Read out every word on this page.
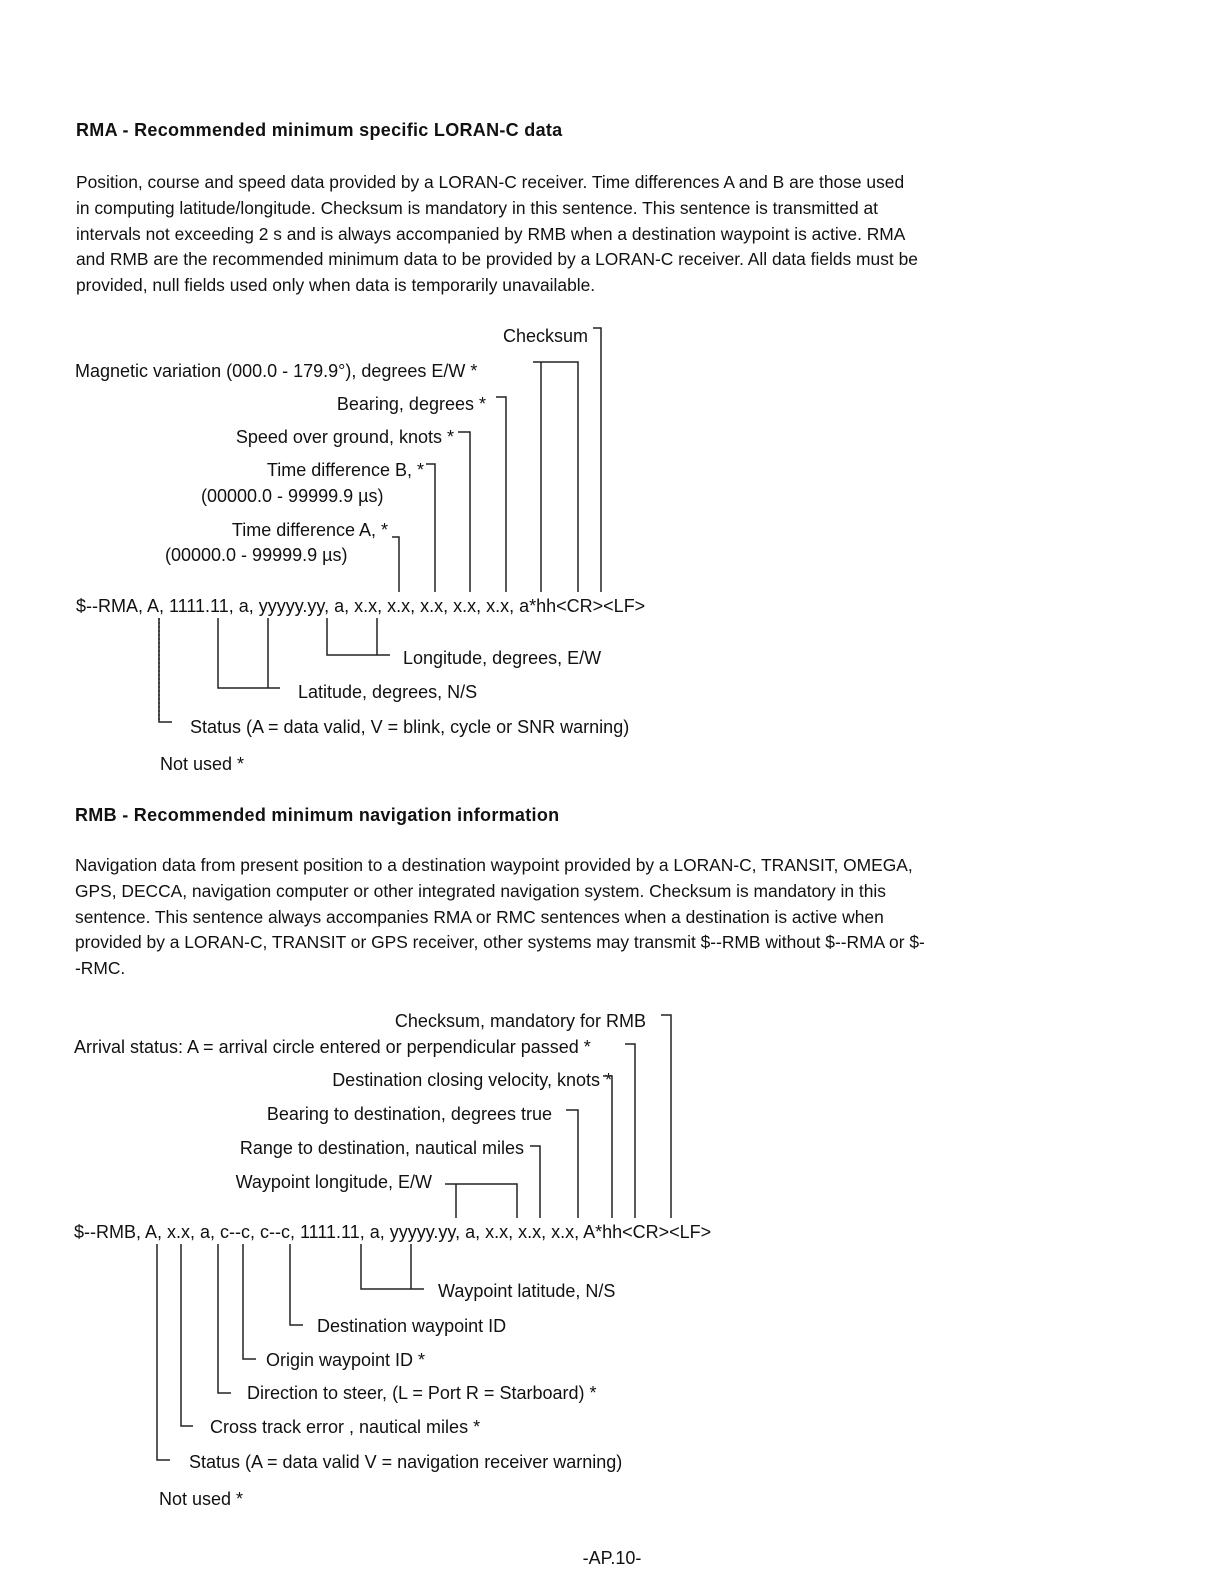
RMA - Recommended minimum specific LORAN-C data

Position, course and speed data provided by a LORAN-C receiver. Time differences A and B are those used

in computing latitude/longitude. Checksum is mandatory in this sentence. This sentence is transmitted at

intervals not exceeding 2 s and is always accompanied by RMB when a destination waypoint is active. RMA

and RMB are the recommended minimum data to be provided by a LORAN-C receiver. All data fields must be

provided, null fields used only when data is temporarily unavailable.

Checksum
Magnetic variation (000.0 - 179.9°), degrees E/W *
Bearing, degrees *
Speed over ground, knots *
Time difference B, *
(00000.0 - 99999.9 µs)
Time difference A, *
(00000.0 - 99999.9 µs)
$--RMA, A, 1111.11, a, yyyyy.yy, a, x.x, x.x, x.x, x.x, x.x, a*hh<CR><LF>
Longitude, degrees, E/W
Latitude, degrees, N/S
Status (A = data valid, V = blink, cycle or SNR warning)
Not used *
RMB - Recommended minimum navigation information

Navigation data from present position to a destination waypoint provided by a LORAN-C, TRANSIT, OMEGA,

GPS, DECCA, navigation computer or other integrated navigation system. Checksum is mandatory in this

sentence. This sentence always accompanies RMA or RMC sentences when a destination is active when

provided by a LORAN-C, TRANSIT or GPS receiver, other systems may transmit $--RMB without $--RMA or $-

-RMC.

Checksum, mandatory for RMB
Arrival status: A = arrival circle entered or perpendicular passed *
Destination closing velocity, knots *
Bearing to destination, degrees true
Range to destination, nautical miles
Waypoint longitude, E/W
$--RMB, A, x.x, a, c--c, c--c, 1111.11, a, yyyyy.yy, a, x.x, x.x, x.x, A*hh<CR><LF>
Waypoint latitude, N/S
Destination waypoint ID
Origin waypoint ID *
Direction to steer, (L = Port R = Starboard) *
Cross track error , nautical miles *
Status (A = data valid V = navigation receiver warning)
Not used *
-AP.10-
